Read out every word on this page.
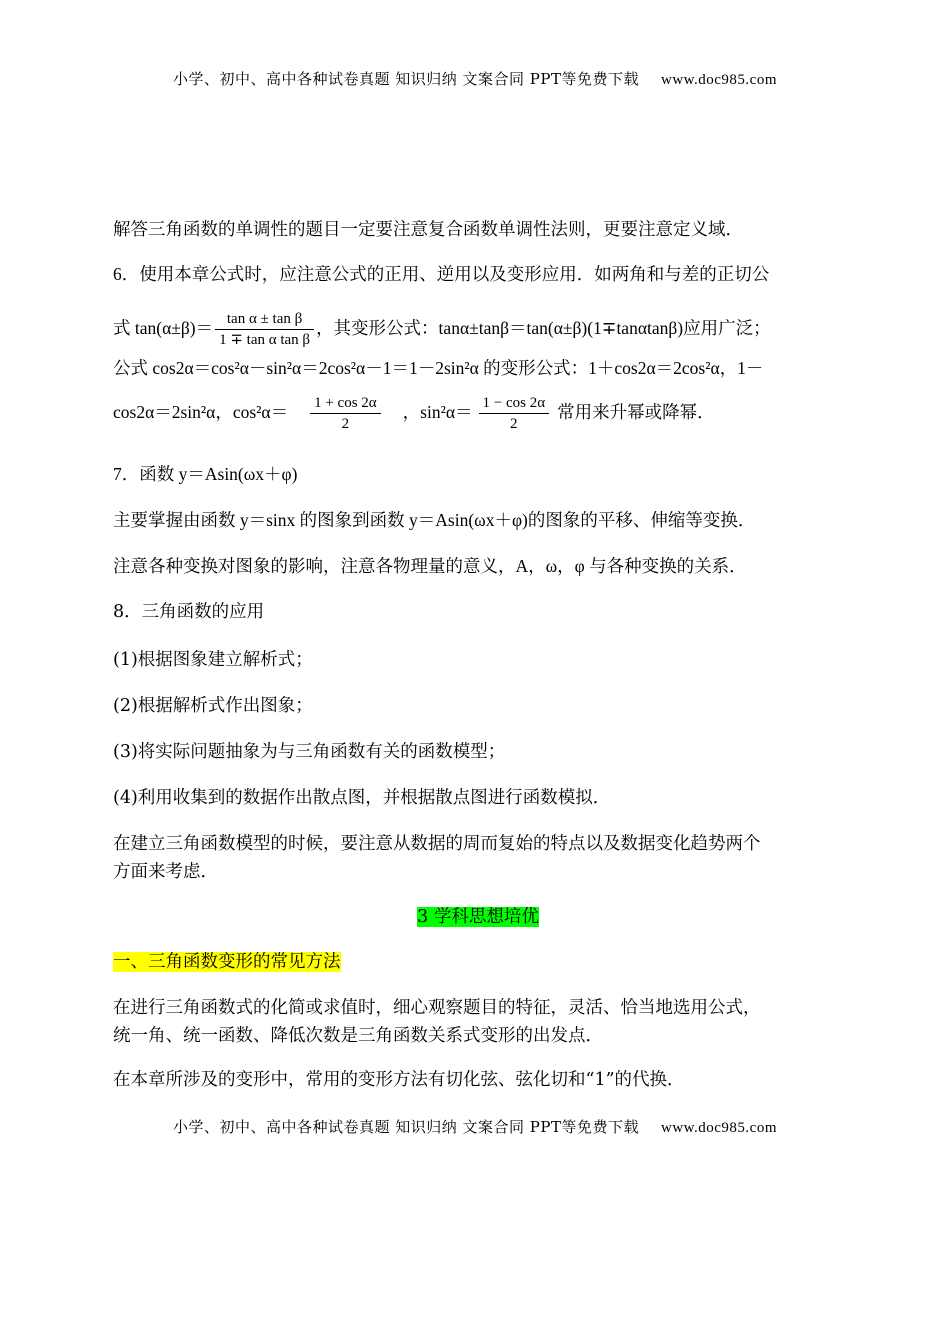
小学、初中、高中各种试卷真题 知识归纳 文案合同 PPT等免费下载 www.doc985.com
解答三角函数的单调性的题目一定要注意复合函数单调性法则，更要注意定义域．
6．使用本章公式时，应注意公式的正用、逆用以及变形应用．如两角和与差的正切公
式 $\tan(\alpha\pm\beta)= \frac{\text{tan α ± tan β}}{\text{1 ∓ tan α tan β}}$ ，其变形公式：tanα±tanβ＝tan(α±β)(1∓tanαtanβ)应用广泛；
公式 cos2α＝cos²α－sin²α＝2cos²α－1＝1－2sin²α 的变形公式：1＋cos2α＝2cos²α，1－
cos2α＝2sin²α，$\cos^2\alpha= \frac{1 + \cos 2\alpha}{2}$ ，$\sin^2\alpha= \frac{1 - \cos 2\alpha}{2}$ 常用来升幂或降幂．
7．函数 y＝Asin(ωx＋φ)
主要掌握由函数 y＝sinx 的图象到函数 y＝Asin(ωx＋φ)的图象的平移、伸缩等变换．
注意各种变换对图象的影响，注意各物理量的意义，A，ω，φ 与各种变换的关系．
8．三角函数的应用
(1)根据图象建立解析式；
(2)根据解析式作出图象；
(3)将实际问题抽象为与三角函数有关的函数模型；
(4)利用收集到的数据作出散点图，并根据散点图进行函数模拟．
在建立三角函数模型的时候，要注意从数据的周而复始的特点以及数据变化趋势两个
方面来考虑．
3 学科思想培优
一、三角函数变形的常见方法
在进行三角函数式的化简或求值时，细心观察题目的特征，灵活、恰当地选用公式，
统一角、统一函数、降低次数是三角函数关系式变形的出发点．
在本章所涉及的变形中，常用的变形方法有切化弦、弦化切和“1”的代换．
小学、初中、高中各种试卷真题 知识归纳 文案合同 PPT等免费下载 www.doc985.com
